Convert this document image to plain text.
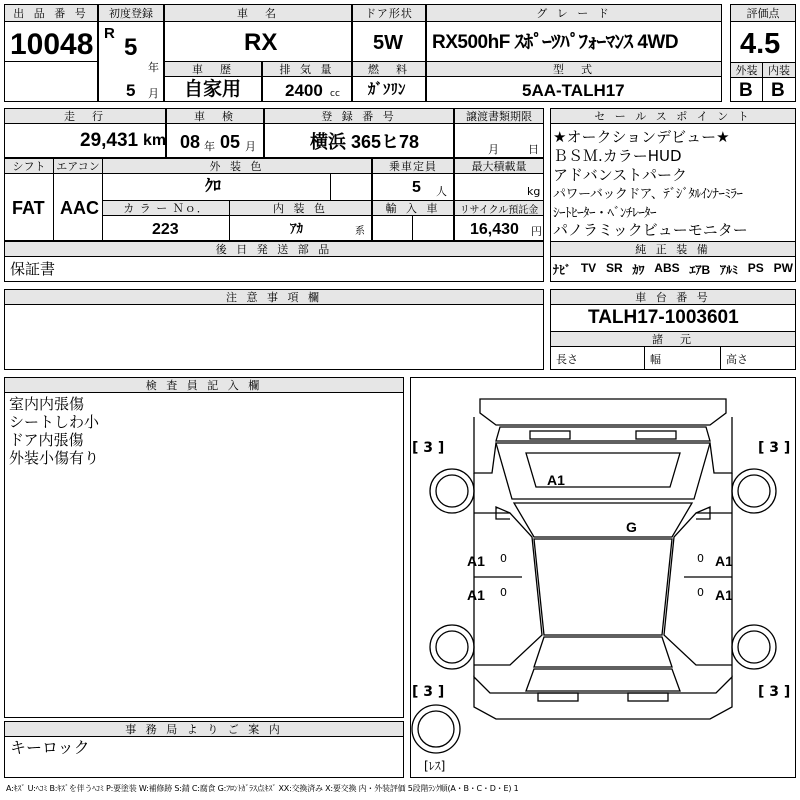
出 品 番 号
10048
初度登録
R
5
年
5 月
車　名
RX
ドア形状
5W
グ レ ー ド
RX500hF ｽﾎﾟｰﾂﾊﾟﾌｫｰﾏﾝｽ 4WD
評価点
4.5
車　歴
自家用
排 気 量
2400 cc
燃　料
ｶﾞｿﾘﾝ
型　式
5AA-TALH17
外装 内装
B B
走　行
29,431 km
車　検
08 年 05 月
登 録 番 号
横浜 365ヒ78
譲渡書類期限
月	日
シフト エアコン
FAT AAC
外 装 色
ｸﾛ
乗車定員
5 人
最大積載量
kg
カ ラ ー Ｎｏ．
223
内 装 色
ｱｶ	系
輸 入 車	リサイクル預託金
16,430 円
後 日 発 送 部 品
保証書
セ ー ル ス ポ イ ン ト
★オークションデビュー★
ＢＳＭ.カラーHUD
アドバンストパーク
パワーバックドア、ﾃﾞｼﾞﾀﾙｲﾝﾅｰﾐﾗｰ
ｼｰﾄﾋｰﾀｰ・ﾍﾞﾝﾁﾚｰﾀｰ
パノラミックビューモニター
純 正 装 備
ﾅﾋﾞ TV SR ｶﾜ ABS ｴｱB ｱﾙﾐ PS PW
注 意 事 項 欄	車 台 番 号
TALH17-1003601
諸　元
長さ	幅	高さ
検 査 員 記 入 欄
室内内張傷
シートしわ小
ドア内張傷
外装小傷有り
事 務 局 よ り ご 案 内
キーロック
A1
G
A1
A1
A1
A1
0
0
0
0
[ 3 ]	[ 3 ]
[ 3 ]	[ 3 ]
[ﾚｽ]
A:ｷｽﾞ U:ﾍｺﾐ B:ｷｽﾞを伴うﾍｺﾐ P:要塗装 W:補修跡 S:錆 C:腐食 G:ﾌﾛﾝﾄｶﾞﾗｽ点ｷｽﾞ XX:交換済み X:要交換 内・外装評価 5段階ﾗﾝｸ順(A・B・C・D・E) 1
